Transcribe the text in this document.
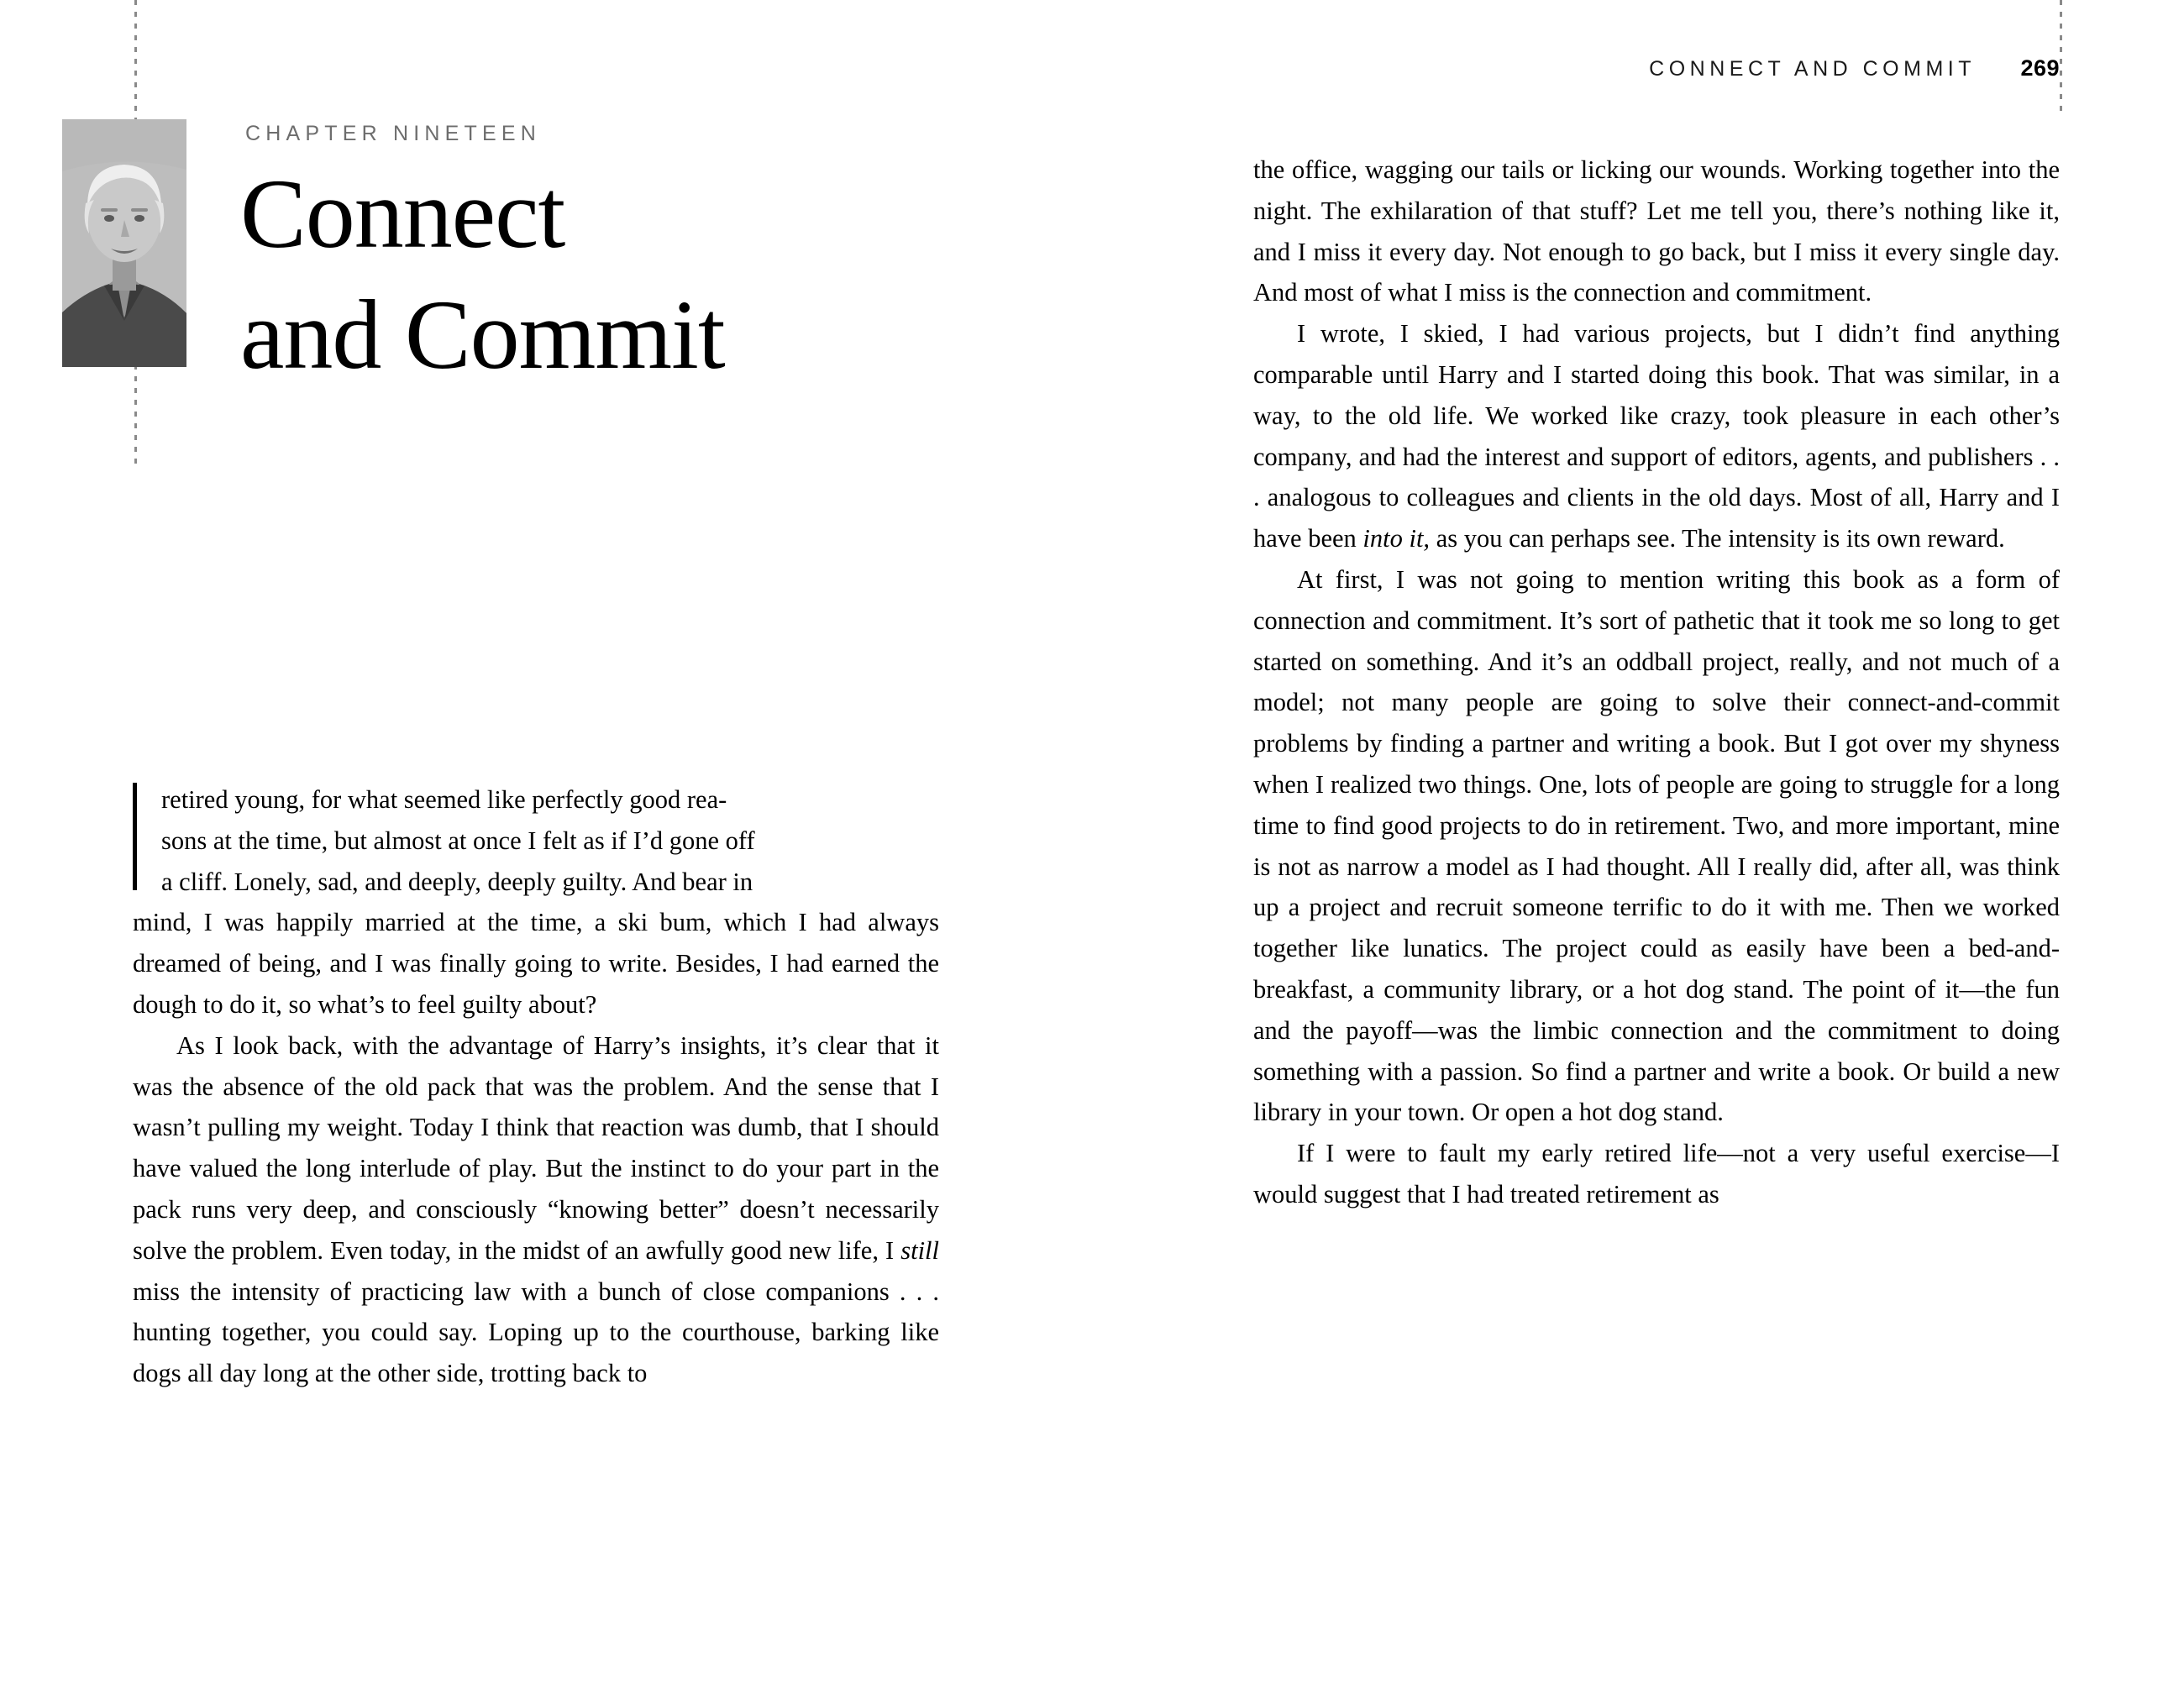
CONNECT AND COMMIT	269
CHAPTER NINETEEN
Connect
and Commit

retired young, for what seemed like perfectly good rea-
sons at the time, but almost at once I felt as if I’d gone off
a cliff. Lonely, sad, and deeply, deeply guilty. And bear in
mind, I was happily married at the time, a ski bum, which I had always dreamed of being, and I was finally going to write. Besides, I had earned the dough to do it, so what’s to feel guilty about?

As I look back, with the advantage of Harry’s insights, it’s clear that it was the absence of the old pack that was the problem. And the sense that I wasn’t pulling my weight. Today I think that reaction was dumb, that I should have valued the long interlude of play. But the instinct to do your part in the pack runs very deep, and consciously “knowing better” doesn’t necessarily solve the problem. Even today, in the midst of an awfully good new life, I still miss the intensity of practicing law with a bunch of close companions . . . hunting together, you could say. Loping up to the courthouse, barking like dogs all day long at the other side, trotting back to

the office, wagging our tails or licking our wounds. Working together into the night. The exhilaration of that stuff? Let me tell you, there’s nothing like it, and I miss it every day. Not enough to go back, but I miss it every single day. And most of what I miss is the connection and commitment.

I wrote, I skied, I had various projects, but I didn’t find anything comparable until Harry and I started doing this book. That was similar, in a way, to the old life. We worked like crazy, took pleasure in each other’s company, and had the interest and support of editors, agents, and publishers . . . analogous to colleagues and clients in the old days. Most of all, Harry and I have been into it, as you can perhaps see. The intensity is its own reward.

At first, I was not going to mention writing this book as a form of connection and commitment. It’s sort of pathetic that it took me so long to get started on something. And it’s an oddball project, really, and not much of a model; not many people are going to solve their connect-and-commit problems by finding a partner and writing a book. But I got over my shyness when I realized two things. One, lots of people are going to struggle for a long time to find good projects to do in retirement. Two, and more important, mine is not as narrow a model as I had thought. All I really did, after all, was think up a project and recruit someone terrific to do it with me. Then we worked together like lunatics. The project could as easily have been a bed-and-breakfast, a community library, or a hot dog stand. The point of it—the fun and the payoff—was the limbic connection and the commitment to doing something with a passion. So find a partner and write a book. Or build a new library in your town. Or open a hot dog stand.

If I were to fault my early retired life—not a very useful exercise—I would suggest that I had treated retirement as
